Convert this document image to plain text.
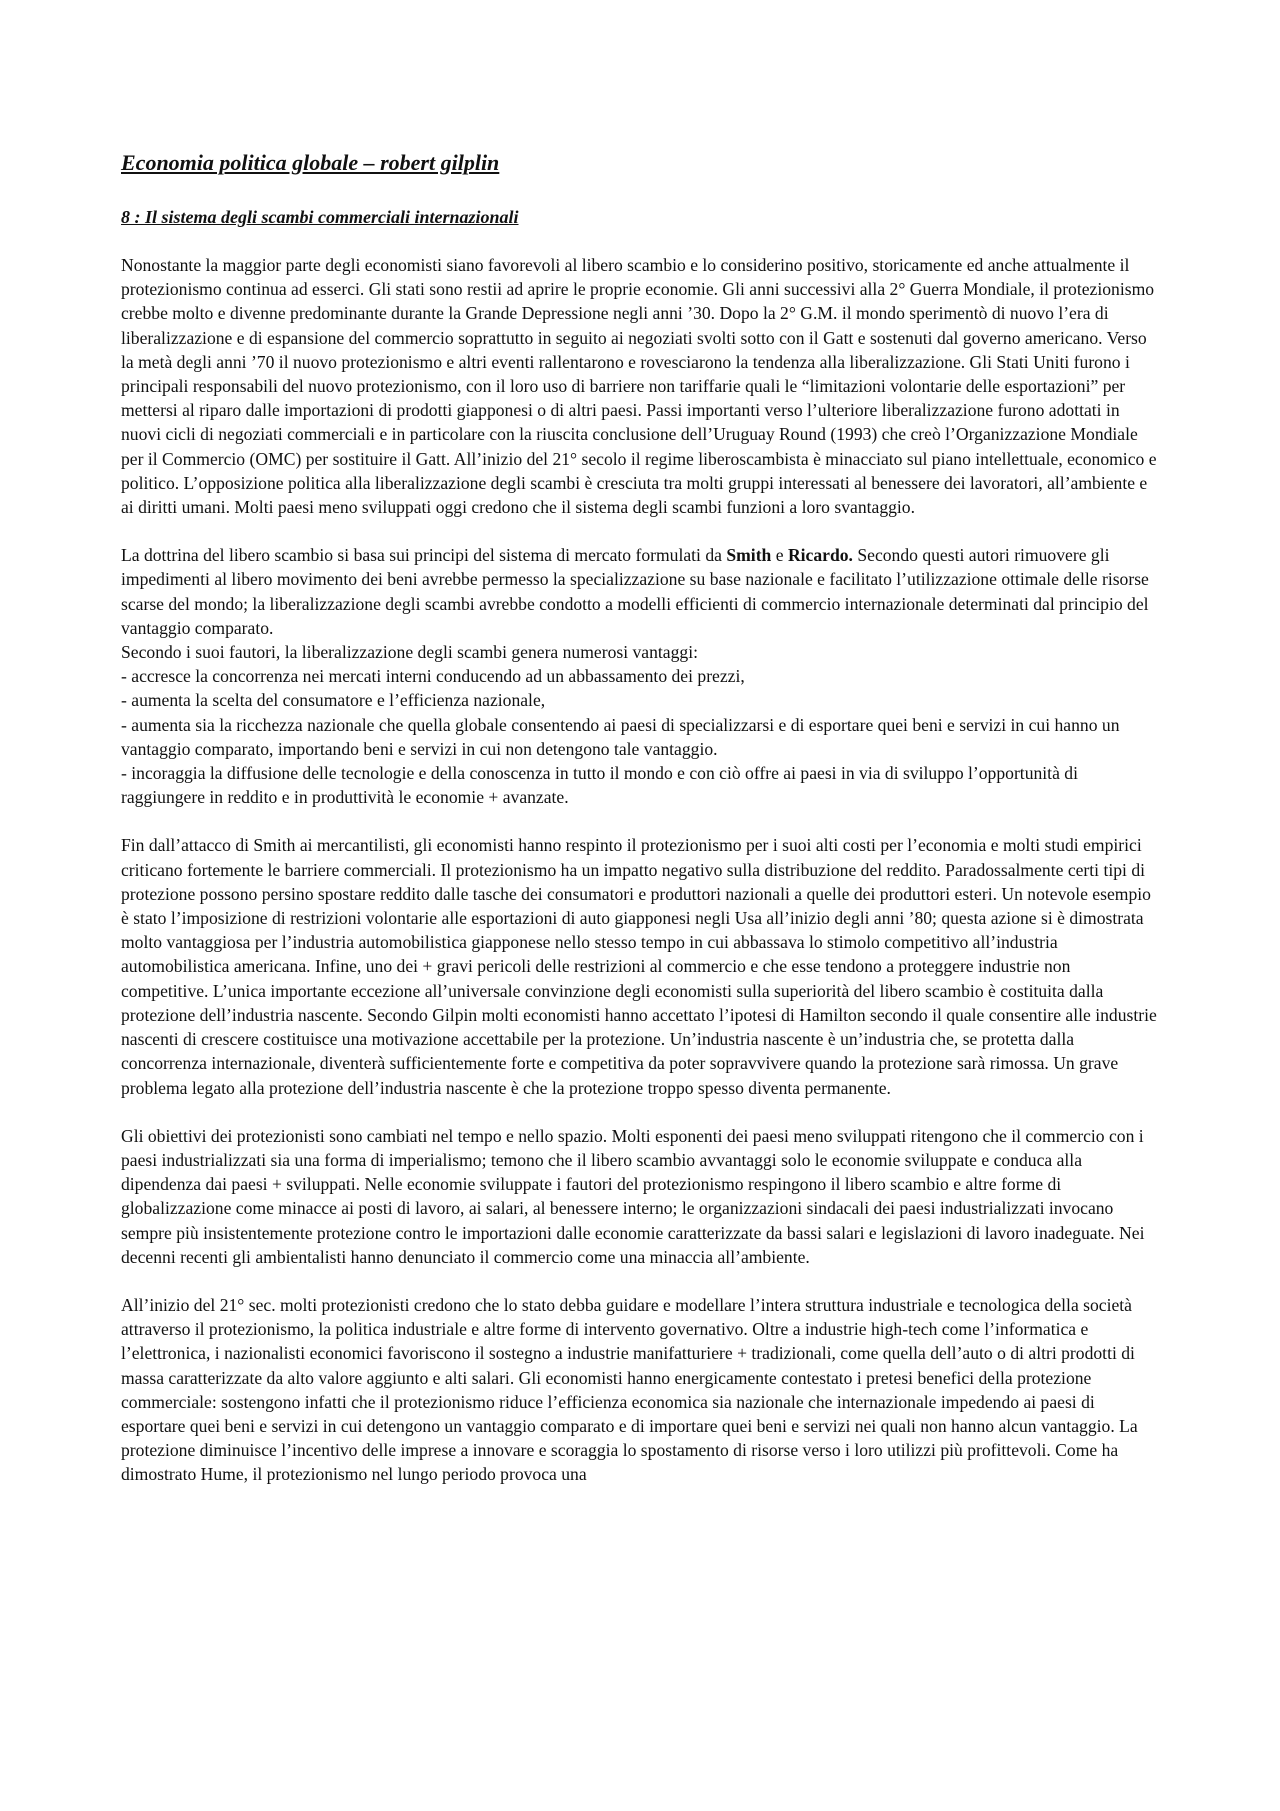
Economia politica globale – robert gilplin
8 : Il sistema degli scambi commerciali internazionali

Nonostante la maggior parte degli economisti siano favorevoli al libero scambio e lo considerino positivo, storicamente ed anche attualmente il protezionismo continua ad esserci. Gli stati sono restii ad aprire le proprie economie. Gli anni successivi alla 2° Guerra Mondiale, il protezionismo crebbe molto e divenne predominante durante la Grande Depressione negli anni ’30. Dopo la 2° G.M. il mondo sperimentò di nuovo l’era di liberalizzazione e di espansione del commercio soprattutto in seguito ai negoziati svolti sotto con il Gatt e sostenuti dal governo americano. Verso la metà degli anni ’70 il nuovo protezionismo e altri eventi rallentarono e rovesciarono la tendenza alla liberalizzazione. Gli Stati Uniti furono i principali responsabili del nuovo protezionismo, con il loro uso di barriere non tariffarie quali le “limitazioni volontarie delle esportazioni” per mettersi al riparo dalle importazioni di prodotti giapponesi o di altri paesi. Passi importanti verso l’ulteriore liberalizzazione furono adottati in nuovi cicli di negoziati commerciali e in particolare con la riuscita conclusione dell’Uruguay Round (1993) che creò l’Organizzazione Mondiale per il Commercio (OMC) per sostituire il Gatt. All’inizio del 21° secolo il regime liberoscambista è minacciato sul piano intellettuale, economico e politico. L’opposizione politica alla liberalizzazione degli scambi è cresciuta tra molti gruppi interessati al benessere dei lavoratori, all’ambiente e ai diritti umani. Molti paesi meno sviluppati oggi credono che il sistema degli scambi funzioni a loro svantaggio.

La dottrina del libero scambio si basa sui principi del sistema di mercato formulati da Smith e Ricardo. Secondo questi autori rimuovere gli impedimenti al libero movimento dei beni avrebbe permesso la specializzazione su base nazionale e facilitato l’utilizzazione ottimale delle risorse scarse del mondo; la liberalizzazione degli scambi avrebbe condotto a modelli efficienti di commercio internazionale determinati dal principio del vantaggio comparato.

Secondo i suoi fautori, la liberalizzazione degli scambi genera numerosi vantaggi:
- accresce la concorrenza nei mercati interni conducendo ad un abbassamento dei prezzi,
- aumenta la scelta del consumatore e l’efficienza nazionale,
- aumenta sia la ricchezza nazionale che quella globale consentendo ai paesi di specializzarsi e di esportare quei beni e servizi in cui hanno un vantaggio comparato, importando beni e servizi in cui non detengono tale vantaggio.
- incoraggia la diffusione delle tecnologie e della conoscenza in tutto il mondo e con ciò offre ai paesi in via di sviluppo l’opportunità di raggiungere in reddito e in produttività le economie + avanzate.

Fin dall’attacco di Smith ai mercantilisti, gli economisti hanno respinto il protezionismo per i suoi alti costi per l’economia e molti studi empirici criticano fortemente le barriere commerciali. Il protezionismo ha un impatto negativo sulla distribuzione del reddito. Paradossalmente certi tipi di protezione possono persino spostare reddito dalle tasche dei consumatori e produttori nazionali a quelle dei produttori esteri. Un notevole esempio è stato l’imposizione di restrizioni volontarie alle esportazioni di auto giapponesi negli Usa all’inizio degli anni ’80; questa azione si è dimostrata molto vantaggiosa per l’industria automobilistica giapponese nello stesso tempo in cui abbassava lo stimolo competitivo all’industria automobilistica americana. Infine, uno dei + gravi pericoli delle restrizioni al commercio e che esse tendono a proteggere industrie non competitive. L’unica importante eccezione all’universale convinzione degli economisti sulla superiorità del libero scambio è costituita dalla protezione dell’industria nascente. Secondo Gilpin molti economisti hanno accettato l’ipotesi di Hamilton secondo il quale consentire alle industrie nascenti di crescere costituisce una motivazione accettabile per la protezione. Un’industria nascente è un’industria che, se protetta dalla concorrenza internazionale, diventerà sufficientemente forte e competitiva da poter sopravvivere quando la protezione sarà rimossa. Un grave problema legato alla protezione dell’industria nascente è che la protezione troppo spesso diventa permanente.

Gli obiettivi dei protezionisti sono cambiati nel tempo e nello spazio. Molti esponenti dei paesi meno sviluppati ritengono che il commercio con i paesi industrializzati sia una forma di imperialismo; temono che il libero scambio avvantaggi solo le economie sviluppate e conduca alla dipendenza dai paesi + sviluppati. Nelle economie sviluppate i fautori del protezionismo respingono il libero scambio e altre forme di globalizzazione come minacce ai posti di lavoro, ai salari, al benessere interno; le organizzazioni sindacali dei paesi industrializzati invocano sempre più insistentemente protezione contro le importazioni dalle economie caratterizzate da bassi salari e legislazioni di lavoro inadeguate. Nei decenni recenti gli ambientalisti hanno denunciato il commercio come una minaccia all’ambiente.

All’inizio del 21° sec. molti protezionisti credono che lo stato debba guidare e modellare l’intera struttura industriale e tecnologica della società attraverso il protezionismo, la politica industriale e altre forme di intervento governativo. Oltre a industrie high-tech come l’informatica e l’elettronica, i nazionalisti economici favoriscono il sostegno a industrie manifatturiere + tradizionali, come quella dell’auto o di altri prodotti di massa caratterizzate da alto valore aggiunto e alti salari. Gli economisti hanno energicamente contestato i pretesi benefici della protezione commerciale: sostengono infatti che il protezionismo riduce l’efficienza economica sia nazionale che internazionale impedendo ai paesi di esportare quei beni e servizi in cui detengono un vantaggio comparato e di importare quei beni e servizi nei quali non hanno alcun vantaggio. La protezione diminuisce l’incentivo delle imprese a innovare e scoraggia lo spostamento di risorse verso i loro utilizzi più profittevoli. Come ha dimostrato Hume, il protezionismo nel lungo periodo provoca una
